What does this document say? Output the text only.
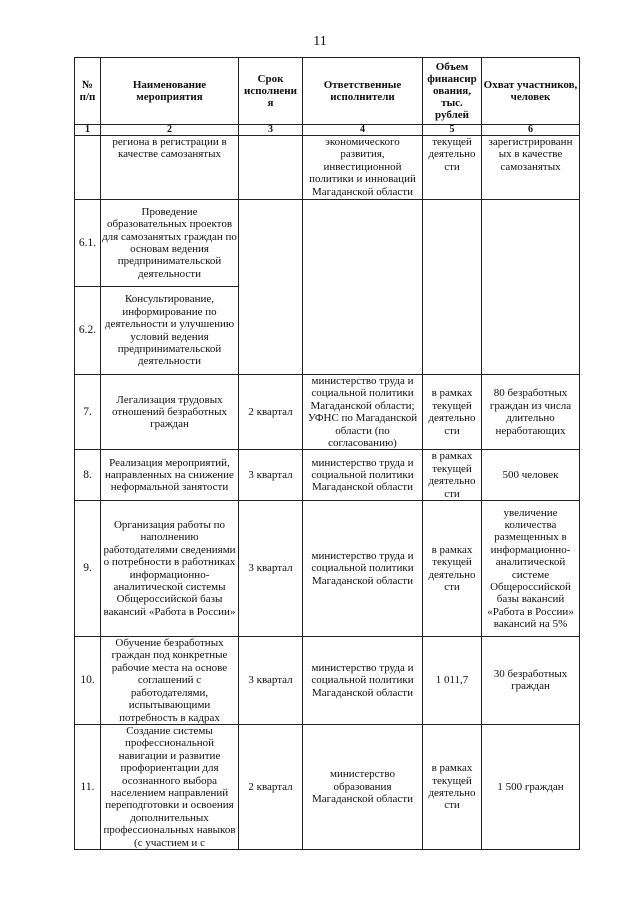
11
№ п/п	Наименование мероприятия	Срок исполнени я	Ответственные исполнители	Объем финансир ования, тыс. рублей	Охват участников, человек
1	2	3	4	5	6
	региона в регистрации в качестве самозанятых		экономического развития, инвестиционной политики и инноваций Магаданской области	текущей деятельно сти	зарегистрированн ых в качестве самозанятых
6.1.	Проведение образовательных проектов для самозанятых граждан по основам ведения предпринимательской деятельности				
6.2.	Консультирование, информирование по деятельности и улучшению условий ведения предпринимательской деятельности				
7.	Легализация трудовых отношений безработных граждан	2 квартал	министерство труда и социальной политики Магаданской области; УФНС по Магаданской области (по согласованию)	в рамках текущей деятельно сти	80 безработных граждан из числа длительно неработающих
8.	Реализация мероприятий, направленных на снижение неформальной занятости	3 квартал	министерство труда и социальной политики Магаданской области	в рамках текущей деятельно сти	500 человек
9.	Организация работы по наполнению работодателями сведениями о потребности в работниках информационно-аналитической системы Общероссийской базы вакансий «Работа в России»	3 квартал	министерство труда и социальной политики Магаданской области	в рамках текущей деятельно сти	увеличение количества размещенных в информационно-аналитической системе Общероссийской базы вакансий «Работа в России» вакансий на 5%
10.	Обучение безработных граждан под конкретные рабочие места на основе соглашений с работодателями, испытывающими потребность в кадрах	3 квартал	министерство труда и социальной политики Магаданской области	1 011,7	30 безработных граждан
11.	Создание системы профессиональной навигации и развитие профориентации для осознанного выбора населением направлений переподготовки и освоения дополнительных профессиональных навыков (с участием и с	2 квартал	министерство образования Магаданской области	в рамках текущей деятельно сти	1 500 граждан
